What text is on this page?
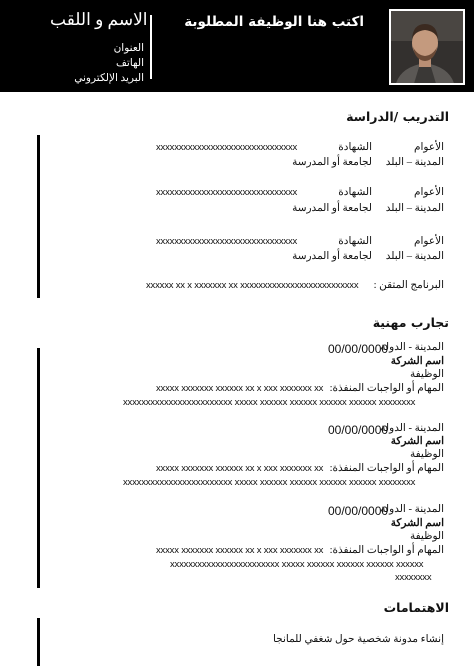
اكتب هنا الوظيفة المطلوبة
الاسم و اللقب
العنوان
الهاتف
البريد الإلكتروني
التدريب /الدراسة
الأعوام
الشهادة
xxxxxxxxxxxxxxxxxxxxxxxxxxxxxxx
المدينة – البلد
لجامعة أو المدرسة
الأعوام
الشهادة
xxxxxxxxxxxxxxxxxxxxxxxxxxxxxxx
المدينة – البلد
لجامعة أو المدرسة
الأعوام
الشهادة
xxxxxxxxxxxxxxxxxxxxxxxxxxxxxxx
المدينة – البلد
لجامعة أو المدرسة
البرنامج المتقن :
xxxxxx xx x xxxxxxx xx xxxxxxxxxxxxxxxxxxxxxxxxxx
تجارب مهنية
المدينة - الدولة
00/00/0000
اسم الشركة
الوظيفة
المهام أو الواجبات المنفذة:
xxxxx xxxxxxx xxxxxx xx x xxx xxxxxxx xx
xxxxxxxxxxxxxxxxxxxxxxxx xxxxx xxxxxx xxxxxx xxxxxx xxxxxx xxxxxxxx
المدينة - الدولة
00/00/0000
اسم الشركة
الوظيفة
المهام أو الواجبات المنفذة:
xxxxx xxxxxxx xxxxxx xx x xxx xxxxxxx xx
xxxxxxxxxxxxxxxxxxxxxxxx xxxxx xxxxxx xxxxxx xxxxxx xxxxxx xxxxxxxx
المدينة - الدولة
00/00/0000
اسم الشركة
الوظيفة
المهام أو الواجبات المنفذة:
xxxxx xxxxxxx xxxxxx xx x xxx xxxxxxx xx
xxxxxxxxxxxxxxxxxxxxxxxx xxxxx xxxxxx xxxxxx xxxxxx xxxxxx
xxxxxxxx
الاهتمامات
إنشاء مدونة شخصية حول شغفي للمانجا
